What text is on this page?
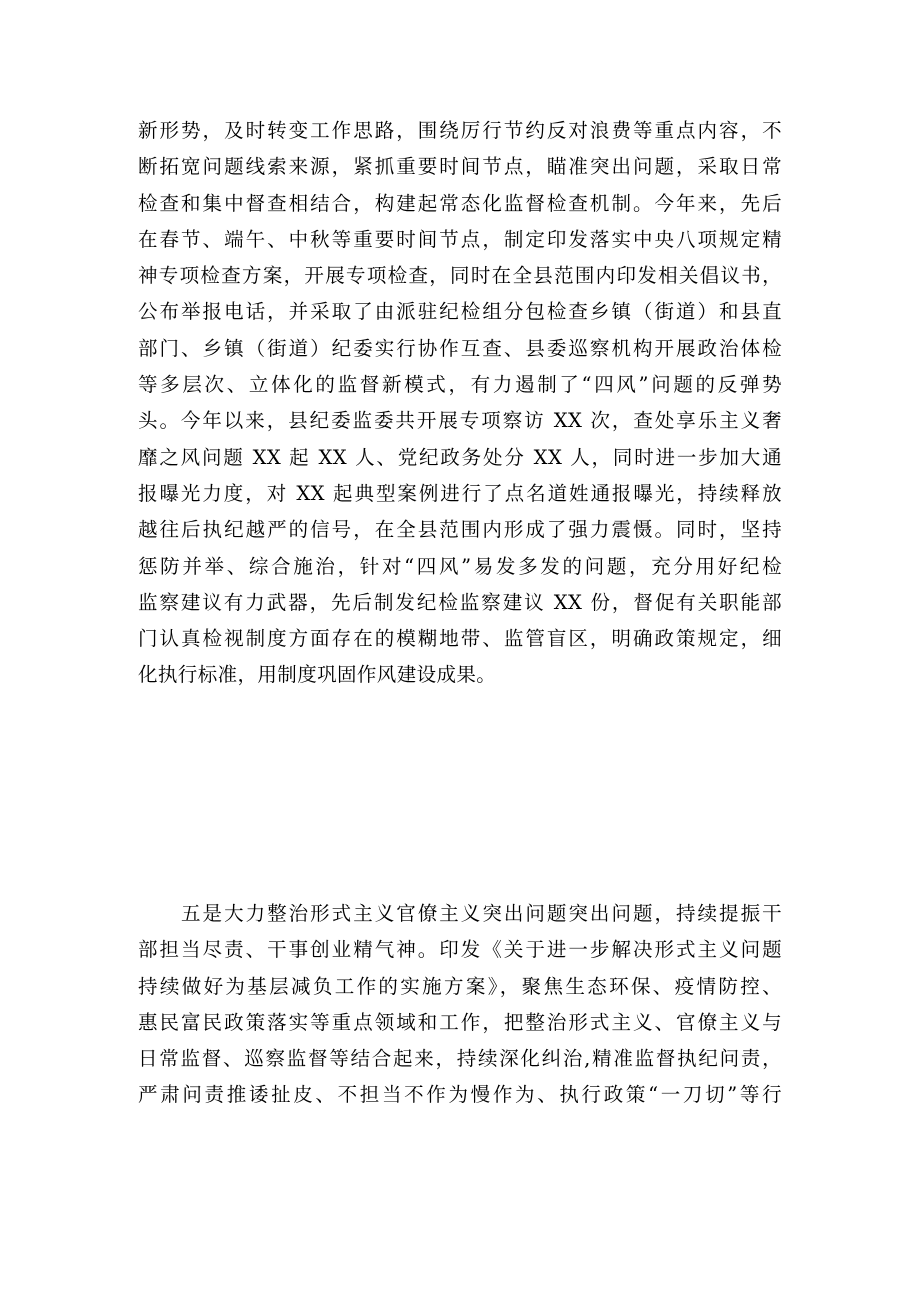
新形势，及时转变工作思路，围绕厉行节约反对浪费等重点内容，不
断拓宽问题线索来源，紧抓重要时间节点，瞄准突出问题，采取日常
检查和集中督查相结合，构建起常态化监督检查机制。今年来，先后
在春节、端午、中秋等重要时间节点，制定印发落实中央八项规定精
神专项检查方案，开展专项检查，同时在全县范围内印发相关倡议书，
公布举报电话，并采取了由派驻纪检组分包检查乡镇（街道）和县直
部门、乡镇（街道）纪委实行协作互查、县委巡察机构开展政治体检
等多层次、立体化的监督新模式，有力遏制了“四风”问题的反弹势
头。今年以来，县纪委监委共开展专项察访 XX 次，查处享乐主义奢
靡之风问题 XX 起 XX 人、党纪政务处分 XX 人，同时进一步加大通
报曝光力度，对 XX 起典型案例进行了点名道姓通报曝光，持续释放
越往后执纪越严的信号，在全县范围内形成了强力震慑。同时，坚持
惩防并举、综合施治，针对“四风”易发多发的问题，充分用好纪检
监察建议有力武器，先后制发纪检监察建议 XX 份，督促有关职能部
门认真检视制度方面存在的模糊地带、监管盲区，明确政策规定，细
化执行标准，用制度巩固作风建设成果。
　　五是大力整治形式主义官僚主义突出问题突出问题，持续提振干
部担当尽责、干事创业精气神。印发《关于进一步解决形式主义问题
持续做好为基层减负工作的实施方案》，聚焦生态环保、疫情防控、
惠民富民政策落实等重点领域和工作，把整治形式主义、官僚主义与
日常监督、巡察监督等结合起来，持续深化纠治,精准监督执纪问责，
严肃问责推诿扯皮、不担当不作为慢作为、执行政策“一刀切”等行
